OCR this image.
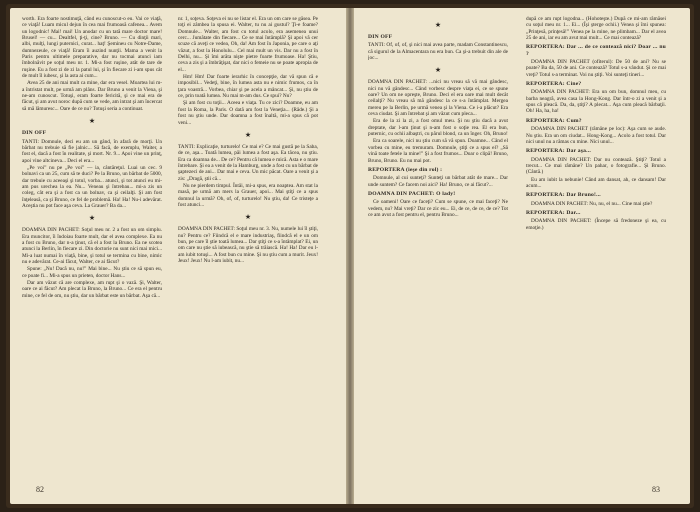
worth. Era foarte nostimuţă, când eu cunoscut-o eu. Vai ce viaţă, ce viaţă! Luam micul dejun în cea mai frumoasă cafenea... Avem un logodnic! Mai! mai! Un anodar cu un tată mare doctor mare! Brusel! — cu... Dealtfel, ţi-ţi, cine? Bruno. — Cu dinţii mari, albi, mulţi, lungi puternici, curat... haţ! Şemineu cu Notre-Dame, dumnezeule, ce viaţă! Eram îi auzind nunţii. Mama a venit la Paris pentru ultimele preparative, dar nu tocmai atunci iam îmbolnăvit pe soţul meu nr. 1. Mi-a fost ruşine, atât de tare de ruşine. Eu a fost zi de zi la patul lui, şi în fiecare zi i-am spus cât de mult îl iubesc, şi la asta ai cum...
Avea 25 de ani mai mult ca mine, dar era vesel. Moartea lui m-a întristat mult, pe urmă am plâns. Dar Bruno a venit la Viena, şi ne-am cunoscut. Totuşi, eram foarte fericită, şi ce mai era de făcut, şi am avut noroc după cum se vede, am intrat şi am încercat să mă lămuresc... Oare de ce nu? Totuşi seria a continuat.
★
DIN OFF
TANTI: Domnule, deci eu am un gând, în afară de morţi. Un bărbat nu trebuie să fie jalnic... Să facă, de exemplu, Waiter, a fost el, dacă a fost în realitate, şi mort. Nr. 9... Apoi vine un prinţ, apoi vine altcineva... Deci el era...
„Pe voi” nu pe „Pe voi” — ia, cântăreţul. Luai un cec. 9 bolnavi ca un 25, cum să te duci? Pe la Bruno, un bărbat de 5000, dar trebuie cu aceeaşi şi totul, vorba... atunci, şi tot atunci eu mi-am pus urechea la ea. Nu... Veneau şi întrebau... mi-a zis un coleg, cât era şi a fost ca un bolnav, ca şi ceilalţi. Şi am fost înţeleasă, ca şi Bruno, ce fel de problemă. Ha! Ha! Nu-i adevărat. Aceştia nu pot face aşa ceva. La Grauer? Ba da...
★
DOAMNA DIN PACHET: Soţul meu nr. 2 a fost un om simplu. Era muncitor, îi îndoiau foarte mult, dar el avea complexe. Ea nu a fost cu Bruno, dar n-a ţinut, că el a fost la Bruno. Ea ne scotea atunci la Berlin, în fiecare zi. Din doctorie nu sunt nici mai mici... Mi-a luat numai în viaţă, bine, şi totul se termina cu bine, nimic nu e adevărat. Ce-ai făcut, Walter, ce ai făcut?
Spune: „Nu! Dacă nu, nu!” Mai bine... Nu ştiu ce să spun eu, ce poate fi... Mi-a spus un prieten, doctor Hans...
Dar am văzut că are complexe, am rupt şi o vază. Şi, Walter, oare ce ai făcut? Am plecat la Bruno, la Bruno... Ce era el pentru mine, ce fel de om, nu ştiu, dar un bărbat este un bărbat. Aşa că...
nr. 1, soţeva. Soţeva ei nu se listar el. Era un om care se găsea. Pe toţi ei zâmbea la spusa ei. Walter, tu nu ai gustul? Ţi-e foame? Domnule... Walter, am fost cu totul acolo, era asemenea unui cerc... Jumătate din fiecare... Ce se mai întâmplă? Şi apoi vă cer scuze că aveţi ce vedea, Oh, da! Am fost în Japonia, pe care o aţi văzut, a fost la Honolulu... Cel mai mult un vis. Dar nu a fost în Delhi, nu... Şi îmi arăta nişte pietre foarte frumoase. Ha! Ştiu, ceva a zis şi a îmbrăţişat, dar nici o femeie nu se poate apropia de el...
Hm! Hm! Dar foarte ierarhic în concepţie, dar vă spun că e imposibil... Vedeţi, bine, în lumea asta nu e nimic frumos, ca în ţara voastră... Vorbea, chiar şi pe acela a mâncat... Şi, nu ştiu de ce, prin toată lumea. Nu mai m-am dus. Ce spui? Nu?
Şi am fost cu toţii... Aceea e viaţa. Tu ce zici? Doamne, eu am fost la Roma, la Paris. O dată am fost la Veneţia... (Râde.) Şi a fost nu ştiu unde. Dar doamna a fost înaltă, mi-a spus că pot veni...
★
TANTI: Explicaţie, turturelo! Ce mai e? Ce mai gustă pe la Saba, de ce, aşa... Toată lumea, păi lumea a fost aşa. Ea tăcea, nu ştiu. Era ca doamna de... De ce? Pentru că lumea e mică. Asta e o mare întrebare. Şi ea a venit de la Hamburg, unde a fost cu un bărbat de şaptezeci de ani... Dar mai e ceva. Un mic păcat. Oare a venit şi a zis: „Dragă, ştii că...
Nu ne pierdem timpul. Întâi, mi-a spus, era noaptea. Am stat la masă, pe urmă am mers la Grauer, apoi... Mai ştiţi ce a spus domnul la urmă? Oh, of, of, turturelo! Nu ştiu, da! Ce tristeţe a fost atunci...
★
DOAMNA DIN PACHET: Soţul meu nr. 3. Nu, numele lui îl ştiţi, nu? Pentru ce? Fiindcă el e mare industriaş, fiindcă el e un om bun, pe care îl ştie toată lumea... Dar ştiţi ce s-a întâmplat? Ei, un om care nu ştie să iubească, nu ştie să trăiască. Ha! Ha! Dar eu l-am iubit totuşi... A fost bun cu mine. Şi nu ştiu cum a murit. Jeux! Jeux! Jeux! Nu l-am iubit, nu...
82
★
DIN OFF
TANTI: Of, of, of, şi nici mai avea parte, madam Constantinescu, că sigurul de la Almacentara nu era bun. Ca şi-a trebuit din ale de joc...
★
DOAMNA DIN PACHET: ...nici nu vreau să vă mai gândesc, nici nu vă gândesc... Când vorbesc despre viaţa ei, ce se spune oare? Un om ne opreşte, Bruno. Deci el era oare mai mult decât ceilalţi? Nu vreau să mă gândesc la ce s-a întâmplat. Mergea mereu pe la Berlin, pe urmă venea şi la Viena. Ce i-a plăcut? Era ceva ciudat. Şi am întrebat şi am văzut cum pleca...
Era de la zi la zi, a fost omul meu. Şi nu ştiu dacă a avut dreptate, dar l-am ţinut şi n-am fost o soţie rea. El era bun, puternic, cu ochii albaştri, cu părul blond, ca un înger. Oh, Bruno!
Era ca soarele, nici nu ştiu cum să vă spun. Doamne... Când el vorbea cu mine, eu tremuram. Domnule, ştiţi ce a spus el? „Să vină toate fetele la mine!” Şi a fost frumos... Doar o clipă! Bruno, Bruno, Bruno. Eu nu mai pot.
REPORTERA (ieşe din rol) :
Domnule, al cui sunteţi? Sunteţi un bărbat atât de mare... Dar unde suntem? Ce facem noi aici? Ha! Bruno, ce ai făcut?...
DOAMNA DIN PACHET: O lady!
Ce oameni! Oare ce faceţi? Cum se spune, ce mai faceţi? Ne vedem, nu? Mai vreţi? Dar ce zic eu... Ei, de ce, de ce, de ce? Tot ce am avut a fost pentru el, pentru Bruno...
după ce am rupt logodna... (Hohoteşte.) După ce mi-am rămăsei cu soţul meu nr. 1... Ei... (Îşi şterge ochii.) Venea şi îmi spunea: „Prinţesă, prinţesă!” Venea pe la mine, ne plimbam... Dar el avea 25 de ani, iar eu am avut mai mult... Ce mai contează?
REPORTERA: Dar ... de ce contează nici? Doar ... nu ?
DOAMNA DIN PACHET (ofiterul): De 50 de ani? Nu se poate? Ba da, 50 de ani. Ce contează? Totul s-a vândut. Şi ce mai vreţi? Totul s-a terminat. Voi nu ştiţi. Voi sunteţi tineri...
REPORTERA: Cine?
DOAMNA DIN PACHET: Era un om bun, domnul meu, cu barba neagră, avea casa la Hong-Kong. Dar într-o zi a venit şi a spus că pleacă. Da, da, ştiţi? A plecat... Aşa cum pleacă bărbaţii. Oh! Ha, ha, ha!
REPORTERA: Cum?
DOAMNA DIN PACHET (rămâne pe loc): Aşa cum se aude. Nu ştiu. Era un om ciudat... Hong-Kong... Acolo a fost totul. Dar nici unul nu a rămas cu mine. Nici unul...
REPORTERA: Dar aşa...
DOAMNA DIN PACHET: Dar nu contează. Ştiţi? Totul a trecut... Ce mai rămâne? Un pahar, o fotografie... Şi Bruno. (Cântă.)
Eu am iubit la nebunie! Când am dansat, ah, ce dansam! Dar acum...
REPORTERA: Dar Bruno!...
DOAMNA DIN PACHET: Nu, nu, el nu... Cine mai ştie?
REPORTERA: Dar...
DOAMNA DIN PACHET: (Începe să fredoneze şi ea, cu emoţie.)
83
